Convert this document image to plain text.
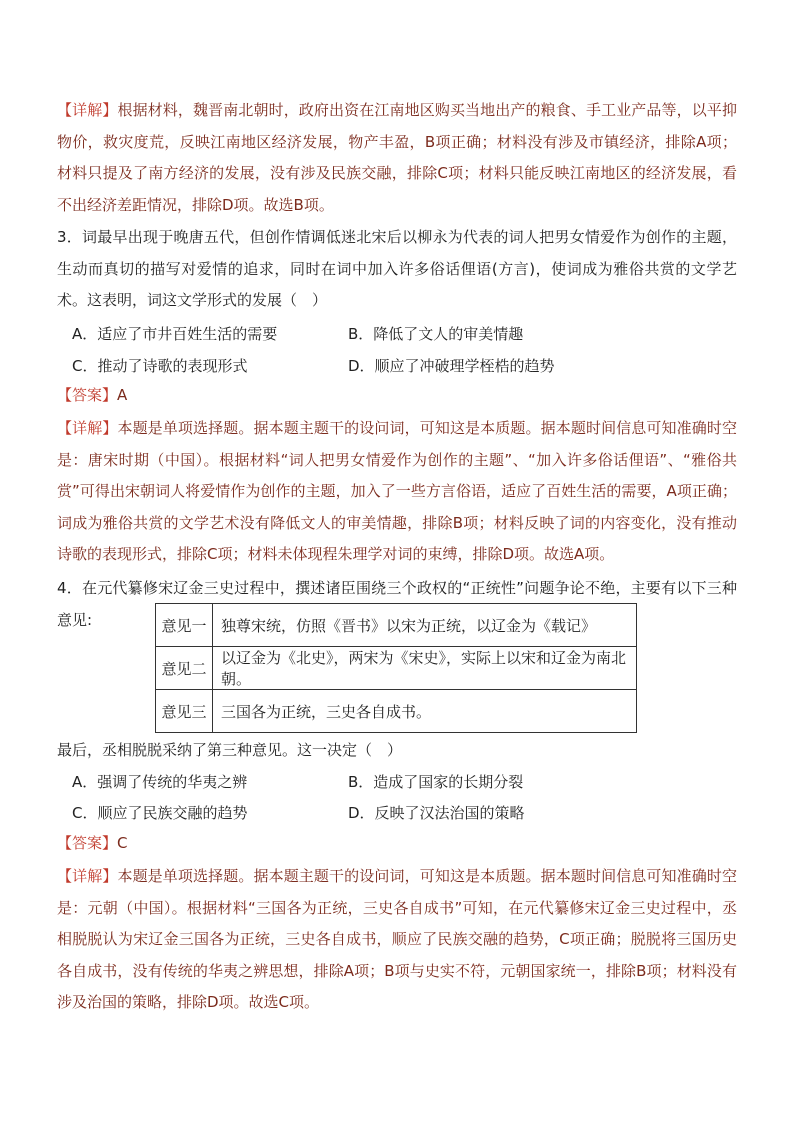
【详解】根据材料，魏晋南北朝时，政府出资在江南地区购买当地出产的粮食、手工业产品等，以平抑物价，救灾度荒，反映江南地区经济发展，物产丰盈，B项正确；材料没有涉及市镇经济，排除A项；材料只提及了南方经济的发展，没有涉及民族交融，排除C项；材料只能反映江南地区的经济发展，看不出经济差距情况，排除D项。故选B项。

3．词最早出现于晚唐五代，但创作情调低迷北宋后以柳永为代表的词人把男女情爱作为创作的主题，生动而真切的描写对爱情的追求，同时在词中加入许多俗话俚语(方言)，使词成为雅俗共赏的文学艺术。这表明，词这文学形式的发展（　）

A．适应了市井百姓生活的需要	B．降低了文人的审美情趣
C．推动了诗歌的表现形式	D．顺应了冲破理学桎梏的趋势

【答案】A

【详解】本题是单项选择题。据本题主题干的设问词，可知这是本质题。据本题时间信息可知准确时空是：唐宋时期（中国）。根据材料“词人把男女情爱作为创作的主题”、“加入许多俗话俚语”、“雅俗共赏”可得出宋朝词人将爱情作为创作的主题，加入了一些方言俗语，适应了百姓生活的需要，A项正确；词成为雅俗共赏的文学艺术没有降低文人的审美情趣，排除B项；材料反映了词的内容变化，没有推动诗歌的表现形式，排除C项；材料未体现程朱理学对词的束缚，排除D项。故选A项。

4．在元代纂修宋辽金三史过程中，撰述诸臣围绕三个政权的“正统性”问题争论不绝，主要有以下三种意见:	意见一	独尊宋统，仿照《晋书》以宋为正统，以辽金为《载记》
意见二	以辽金为《北史》，两宋为《宋史》，实际上以宋和辽金为南北朝。
意见三	三国各为正统，三史各自成书。

最后，丞相脱脱采纳了第三种意见。这一决定（　）

A．强调了传统的华夷之辨	B．造成了国家的长期分裂
C．顺应了民族交融的趋势	D．反映了汉法治国的策略

【答案】C

【详解】本题是单项选择题。据本题主题干的设问词，可知这是本质题。据本题时间信息可知准确时空是：元朝（中国）。根据材料“三国各为正统，三史各自成书”可知，在元代纂修宋辽金三史过程中，丞相脱脱认为宋辽金三国各为正统，三史各自成书，顺应了民族交融的趋势，C项正确；脱脱将三国历史各自成书，没有传统的华夷之辨思想，排除A项；B项与史实不符，元朝国家统一，排除B项；材料没有涉及治国的策略，排除D项。故选C项。
